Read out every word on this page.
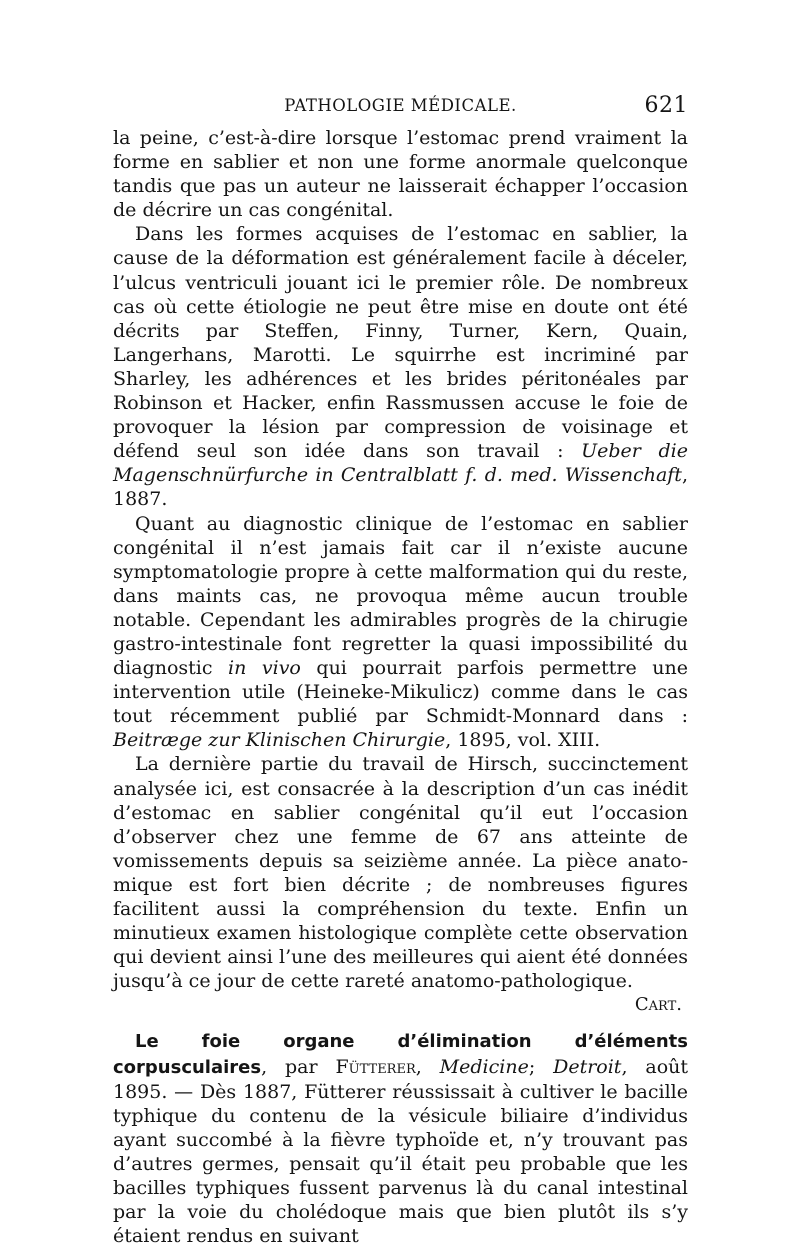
PATHOLOGIE MÉDICALE.	621

la peine, c’est-à-dire lorsque l’estomac prend vraiment la forme en sablier et non une forme anormale quelconque tandis que pas un auteur ne laisserait échapper l’occasion de décrire un cas congénital.

Dans les formes acquises de l’estomac en sablier, la cause de la déformation est généralement facile à déceler, l’ulcus ventriculi jouant ici le premier rôle. De nombreux cas où cette étiologie ne peut être mise en doute ont été décrits par Steffen, Finny, Turner, Kern, Quain, Langerhans, Marotti. Le squirrhe est incriminé par Sharley, les adhérences et les brides péritonéales par Robinson et Hacker, enfin Rassmussen accuse le foie de provoquer la lésion par compression de voisinage et défend seul son idée dans son travail : Ueber die Magenschnürfurche in Centralblatt f. d. med. Wissenchaft, 1887.

Quant au diagnostic clinique de l’estomac en sablier congénital il n’est jamais fait car il n’existe aucune symptomatologie propre à cette malformation qui du reste, dans maints cas, ne provoqua même aucun trouble notable. Cependant les admirables progrès de la chirugie gastro-intestinale font regretter la quasi impossibilité du diagnostic in vivo qui pourrait parfois permettre une intervention utile (Heineke-Mikulicz) comme dans le cas tout récemment publié par Schmidt-Monnard dans : Beitræge zur Klinischen Chirurgie, 1895, vol. XIII.

La dernière partie du travail de Hirsch, succinctement analysée ici, est consacrée à la description d’un cas inédit d’estomac en sablier congénital qu’il eut l’occasion d’observer chez une femme de 67 ans atteinte de vomissements depuis sa seizième année. La pièce anatomique est fort bien décrite ; de nombreuses figures facilitent aussi la compréhension du texte. Enfin un minutieux examen histologique complète cette observation qui devient ainsi l’une des meilleures qui aient été données jusqu’à ce jour de cette rareté anatomo-pathologique.

Cart.

Le foie organe d’élimination d’éléments corpusculaires, par Fütterer, Medicine; Detroit, août 1895. — Dès 1887, Fütterer réussissait à cultiver le bacille typhique du contenu de la vésicule biliaire d’individus ayant succombé à la fièvre typhoïde et, n’y trouvant pas d’autres germes, pensait qu’il était peu probable que les bacilles typhiques fussent parvenus là du canal intestinal par la voie du cholédoque mais que bien plutôt ils s’y étaient rendus en suivant
